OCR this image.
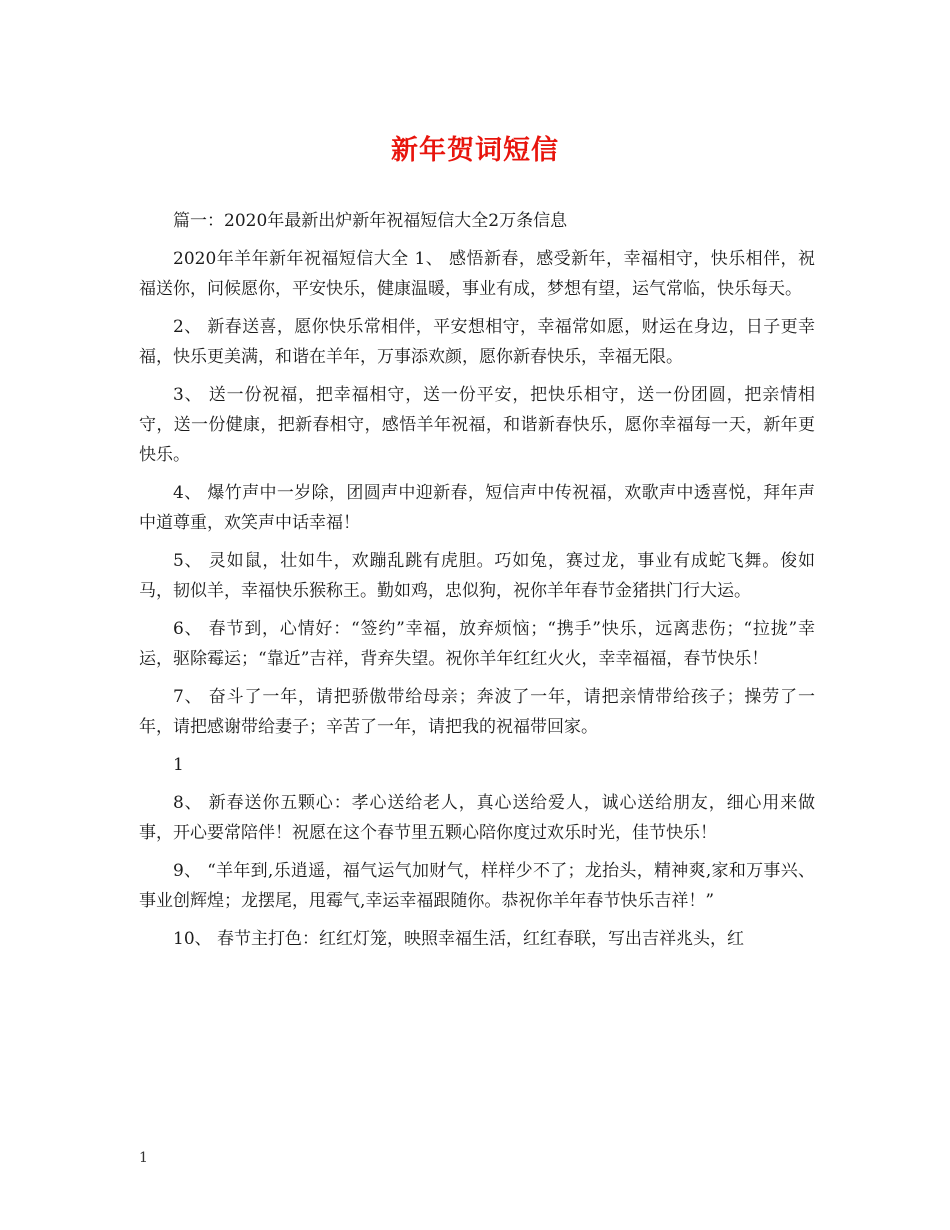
新年贺词短信

篇一：2020年最新出炉新年祝福短信大全2万条信息

2020年羊年新年祝福短信大全 1、 感悟新春，感受新年，幸福相守，快乐相伴，祝福送你，问候愿你，平安快乐，健康温暖，事业有成，梦想有望，运气常临，快乐每天。

2、 新春送喜，愿你快乐常相伴，平安想相守，幸福常如愿，财运在身边，日子更幸福，快乐更美满，和谐在羊年，万事添欢颜，愿你新春快乐，幸福无限。

3、 送一份祝福，把幸福相守，送一份平安，把快乐相守，送一份团圆，把亲情相守，送一份健康，把新春相守，感悟羊年祝福，和谐新春快乐，愿你幸福每一天，新年更快乐。

4、 爆竹声中一岁除，团圆声中迎新春，短信声中传祝福，欢歌声中透喜悦，拜年声中道尊重，欢笑声中话幸福！

5、 灵如鼠，壮如牛，欢蹦乱跳有虎胆。巧如兔，赛过龙，事业有成蛇飞舞。俊如马，韧似羊，幸福快乐猴称王。勤如鸡，忠似狗，祝你羊年春节金猪拱门行大运。

6、 春节到，心情好：“签约”幸福，放弃烦恼；“携手”快乐，远离悲伤；“拉拢”幸运，驱除霉运；“靠近”吉祥，背弃失望。祝你羊年红红火火，幸幸福福，春节快乐！

7、 奋斗了一年，请把骄傲带给母亲；奔波了一年，请把亲情带给孩子；操劳了一年，请把感谢带给妻子；辛苦了一年，请把我的祝福带回家。

1

8、 新春送你五颗心：孝心送给老人，真心送给爱人，诚心送给朋友，细心用来做事，开心要常陪伴！祝愿在这个春节里五颗心陪你度过欢乐时光，佳节快乐！

9、 “羊年到,乐逍遥，福气运气加财气，样样少不了；龙抬头，精神爽,家和万事兴、事业创辉煌；龙摆尾，甩霉气,幸运幸福跟随你。恭祝你羊年春节快乐吉祥！”

10、 春节主打色：红红灯笼，映照幸福生活，红红春联，写出吉祥兆头，红

1
